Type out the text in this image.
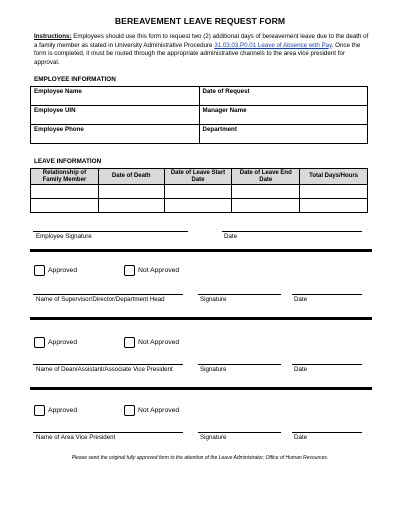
BEREAVEMENT LEAVE REQUEST FORM
Instructions: Employees should use this form to request two (2) additional days of bereavement leave due to the death of a family member as stated in University Administrative Procedure 31.03.03.P0.01 Leave of Absence with Pay. Once the form is completed, it must be routed through the appropriate administrative channels to the area vice president for approval.
EMPLOYEE INFORMATION
Employee Name	Date of Request
Employee UIN	Manager Name
Employee Phone	Department
LEAVE INFORMATION
Relationship of Family Member	Date of Death	Date of Leave Start Date	Date of Leave End Date	Total Days/Hours

Employee Signature	Date
Approved	Not Approved
Name of Supervisor/Director/Department Head	Signature	Date
Approved	Not Approved
Name of Dean/Assistant/Associate Vice President	Signature	Date
Approved	Not Approved
Name of Area Vice President	Signature	Date
Please send the original fully approved form to the attention of the Leave Administrator, Office of Human Resources.
